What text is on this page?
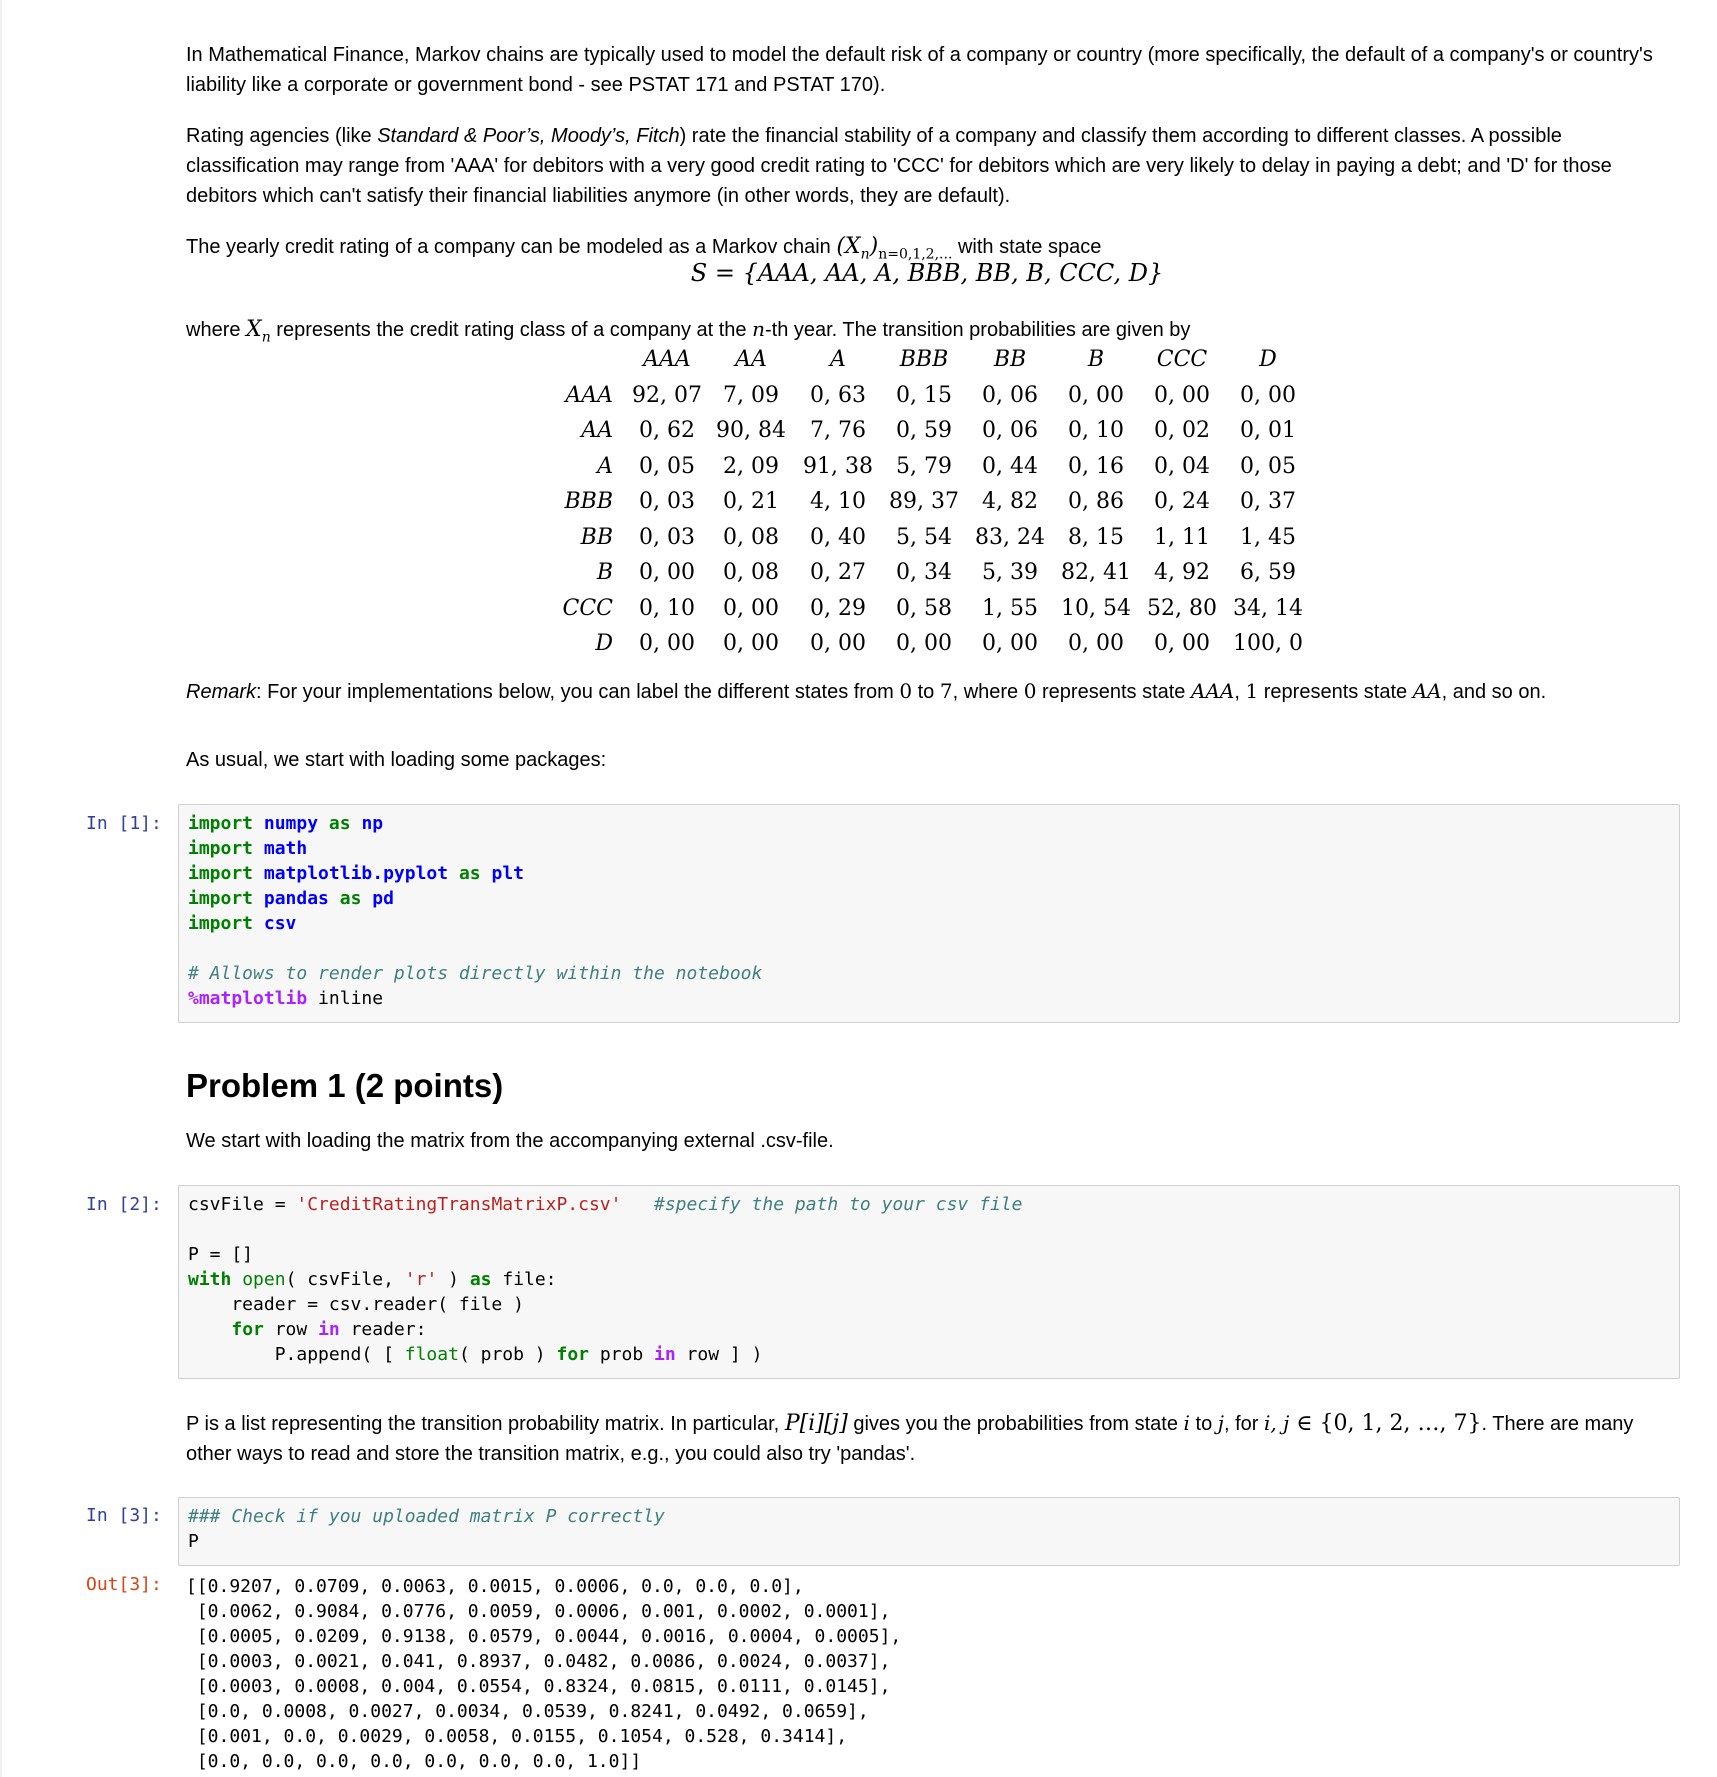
In Mathematical Finance, Markov chains are typically used to model the default risk of a company or country (more specifically, the default of a company's or country's liability like a corporate or government bond - see PSTAT 171 and PSTAT 170).

Rating agencies (like Standard & Poor’s, Moody’s, Fitch) rate the financial stability of a company and classify them according to different classes. A possible classification may range from 'AAA' for debitors with a very good credit rating to 'CCC' for debitors which are very likely to delay in paying a debt; and 'D' for those debitors which can't satisfy their financial liabilities anymore (in other words, they are default).

The yearly credit rating of a company can be modeled as a Markov chain $(X_n)_{n=0,1,2,...}$ with state space

S = {AAA, AA, A, BBB, BB, B, CCC, D}

where $X_n$ represents the credit rating class of a company at the n-th year. The transition probabilities are given by

	AAA	AA	A	BBB	BB	B	CCC	D
AAA	92, 07	7, 09	0, 63	0, 15	0, 06	0, 00	0, 00	0, 00
AA	0, 62	90, 84	7, 76	0, 59	0, 06	0, 10	0, 02	0, 01
A	0, 05	2, 09	91, 38	5, 79	0, 44	0, 16	0, 04	0, 05
BBB	0, 03	0, 21	4, 10	89, 37	4, 82	0, 86	0, 24	0, 37
BB	0, 03	0, 08	0, 40	5, 54	83, 24	8, 15	1, 11	1, 45
B	0, 00	0, 08	0, 27	0, 34	5, 39	82, 41	4, 92	6, 59
CCC	0, 10	0, 00	0, 29	0, 58	1, 55	10, 54	52, 80	34, 14
D	0, 00	0, 00	0, 00	0, 00	0, 00	0, 00	0, 00	100, 0

Remark: For your implementations below, you can label the different states from 0 to 7, where 0 represents state AAA, 1 represents state AA, and so on.

As usual, we start with loading some packages:

In [1]:	import numpy as np
import math
import matplotlib.pyplot as plt
import pandas as pd
import csv

# Allows to render plots directly within the notebook
%matplotlib inline
Problem 1 (2 points)

We start with loading the matrix from the accompanying external .csv-file.

In [2]:	csvFile = 'CreditRatingTransMatrixP.csv' #specify the path to your csv file

P = []
with open( csvFile, 'r' ) as file:
reader = csv.reader( file )
for row in reader:
P.append( [ float( prob ) for prob in row ] )

P is a list representing the transition probability matrix. In particular, P[i][j] gives you the probabilities from state i to j, for i, j ∈ {0, 1, 2, …, 7}. There are many other ways to read and store the transition matrix, e.g., you could also try 'pandas'.

In [3]:	### Check if you uploaded matrix P correctly
P
Out[3]: [[0.9207, 0.0709, 0.0063, 0.0015, 0.0006, 0.0, 0.0, 0.0],
[0.0062, 0.9084, 0.0776, 0.0059, 0.0006, 0.001, 0.0002, 0.0001],
[0.0005, 0.0209, 0.9138, 0.0579, 0.0044, 0.0016, 0.0004, 0.0005],
[0.0003, 0.0021, 0.041, 0.8937, 0.0482, 0.0086, 0.0024, 0.0037],
[0.0003, 0.0008, 0.004, 0.0554, 0.8324, 0.0815, 0.0111, 0.0145],
[0.0, 0.0008, 0.0027, 0.0034, 0.0539, 0.8241, 0.0492, 0.0659],
[0.001, 0.0, 0.0029, 0.0058, 0.0155, 0.1054, 0.528, 0.3414],
[0.0, 0.0, 0.0, 0.0, 0.0, 0.0, 0.0, 1.0]]
